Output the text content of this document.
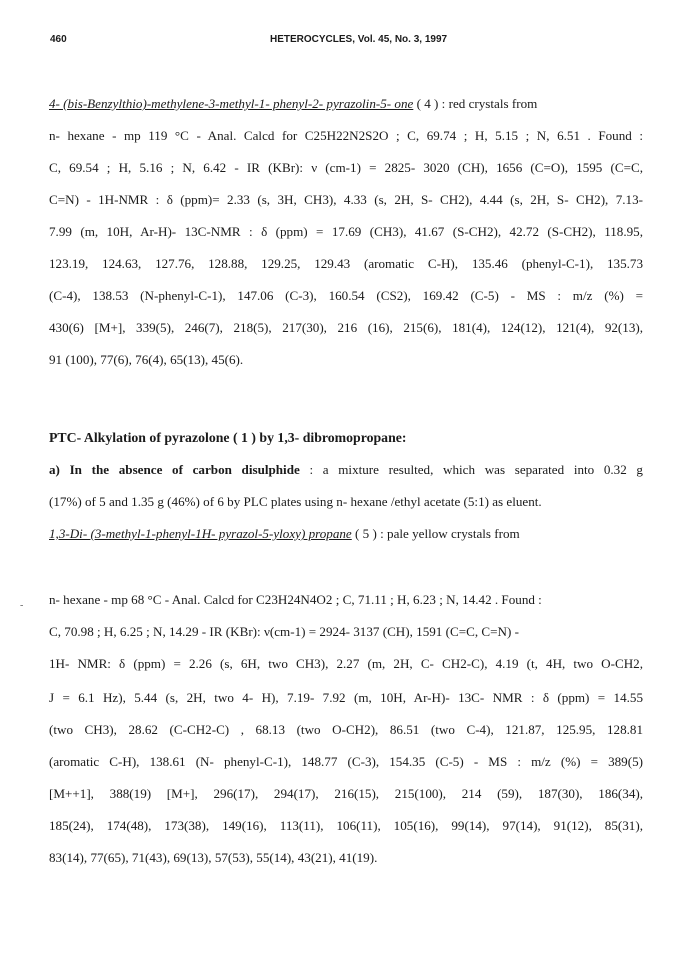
460	HETEROCYCLES, Vol. 45, No. 3, 1997
4- (bis-Benzylthio)-methylene-3-methyl-1- phenyl-2- pyrazolin-5- one ( 4 ) : red crystals from
n- hexane - mp 119 °C - Anal. Calcd for C25H22N2S2O ; C, 69.74 ; H, 5.15 ; N, 6.51 . Found :
C, 69.54 ; H, 5.16 ; N, 6.42 - IR (KBr): ν (cm-1) = 2825- 3020 (CH), 1656 (C=O), 1595 (C=C,
C=N) - 1H-NMR : δ (ppm)= 2.33 (s, 3H, CH3), 4.33 (s, 2H, S- CH2), 4.44 (s, 2H, S- CH2), 7.13-
7.99 (m, 10H, Ar-H)- 13C-NMR : δ (ppm) = 17.69 (CH3), 41.67 (S-CH2), 42.72 (S-CH2), 118.95,
123.19, 124.63, 127.76, 128.88, 129.25, 129.43 (aromatic C-H), 135.46 (phenyl-C-1), 135.73
(C-4), 138.53 (N-phenyl-C-1), 147.06 (C-3), 160.54 (CS2), 169.42 (C-5) - MS : m/z (%) =
430(6) [M+], 339(5), 246(7), 218(5), 217(30), 216 (16), 215(6), 181(4), 124(12), 121(4), 92(13),
91 (100), 77(6), 76(4), 65(13), 45(6).
PTC- Alkylation of pyrazolone ( 1 ) by 1,3- dibromopropane:
a) In the absence of carbon disulphide : a mixture resulted, which was separated into 0.32 g
(17%) of 5 and 1.35 g (46%) of 6 by PLC plates using n- hexane /ethyl acetate (5:1) as eluent.
1,3-Di- (3-methyl-1-phenyl-1H- pyrazol-5-yloxy) propane ( 5 ) : pale yellow crystals from
- n- hexane - mp 68 °C - Anal. Calcd for C23H24N4O2 ; C, 71.11 ; H, 6.23 ; N, 14.42 . Found :
C, 70.98 ; H, 6.25 ; N, 14.29 - IR (KBr): ν(cm-1) = 2924- 3137 (CH), 1591 (C=C, C=N) -
1H- NMR: δ (ppm) = 2.26 (s, 6H, two CH3), 2.27 (m, 2H, C- CH2-C), 4.19 (t, 4H, two O-CH2,
J = 6.1 Hz), 5.44 (s, 2H, two 4- H), 7.19- 7.92 (m, 10H, Ar-H)- 13C- NMR : δ (ppm) = 14.55
(two CH3), 28.62 (C-CH2-C) , 68.13 (two O-CH2), 86.51 (two C-4), 121.87, 125.95, 128.81
(aromatic C-H), 138.61 (N- phenyl-C-1), 148.77 (C-3), 154.35 (C-5) - MS : m/z (%) = 389(5)
[M++1], 388(19) [M+], 296(17), 294(17), 216(15), 215(100), 214 (59), 187(30), 186(34),
185(24), 174(48), 173(38), 149(16), 113(11), 106(11), 105(16), 99(14), 97(14), 91(12), 85(31),
83(14), 77(65), 71(43), 69(13), 57(53), 55(14), 43(21), 41(19).
